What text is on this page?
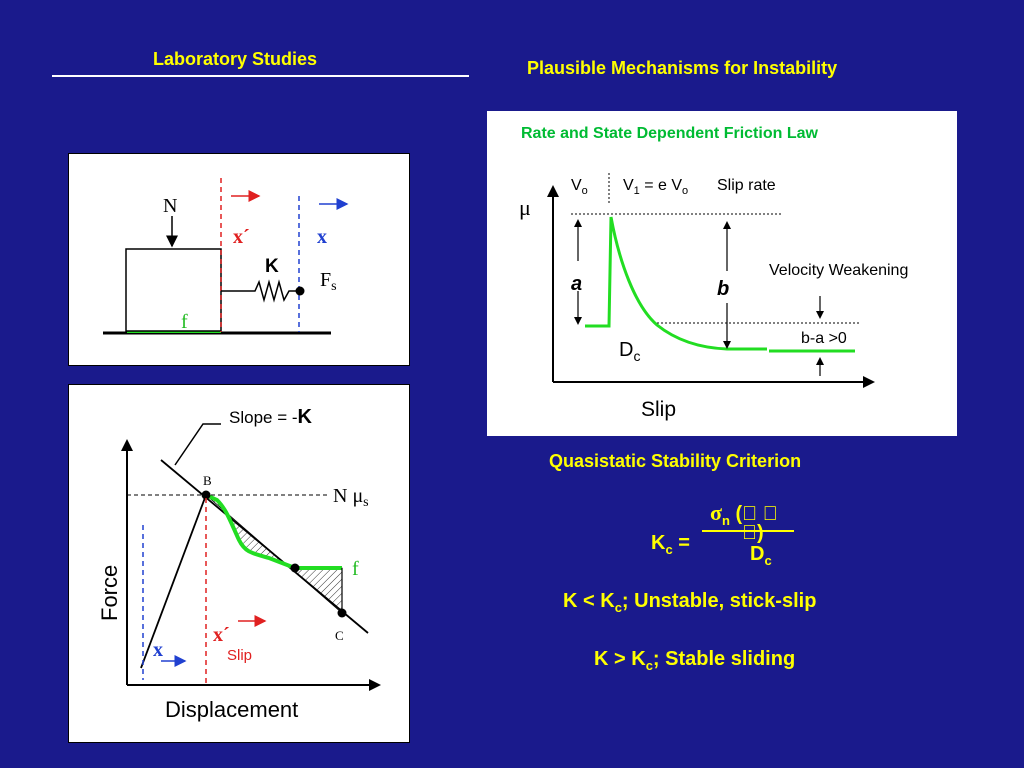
Laboratory Studies	Plausible Mechanisms for Instability
Quasistatic Stability Criterion
N
x´	x
K
$F_s$
f
B
C
Slope = -K
N $\mu_s$
f
x´
Slip
x
Force
Displacement
Rate and State Dependent Friction Law
μ
Slip
$V_o$ $V_1 = e$ $V_o$ Slip rate
a	b
Velocity Weakening
b-a >0
$D_c$
$\sigma_n$ (   
 )
$K_c$ =	$D_c$
$K < K_c$; Unstable, stick-slip
$K > K_c$; Stable sliding
